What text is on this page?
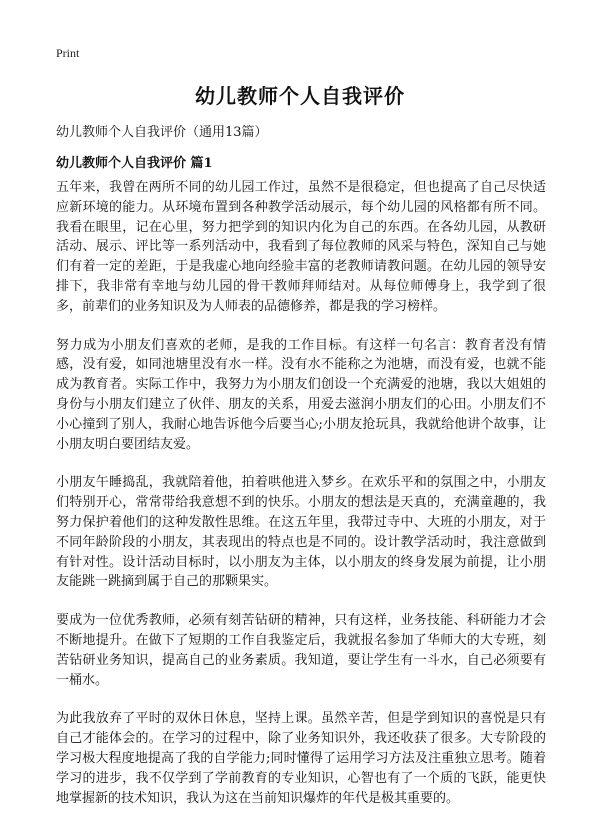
Print
幼儿教师个人自我评价
幼儿教师个人自我评价（通用13篇）
幼儿教师个人自我评价 篇1

五年来，我曾在两所不同的幼儿园工作过，虽然不是很稳定，但也提高了自己尽快适应新环境的能力。从环境布置到各种教学活动展示，每个幼儿园的风格都有所不同。我看在眼里，记在心里，努力把学到的知识内化为自己的东西。在各幼儿园，从教研活动、展示、评比等一系列活动中，我看到了每位教师的风采与特色，深知自己与她们有着一定的差距，于是我虚心地向经验丰富的老教师请教问题。在幼儿园的领导安排下，我非常有幸地与幼儿园的骨干教师拜师结对。从每位师傅身上，我学到了很多，前辈们的业务知识及为人师表的品德修养，都是我的学习榜样。

努力成为小朋友们喜欢的老师，是我的工作目标。有这样一句名言：教育者没有情感，没有爱，如同池塘里没有水一样。没有水不能称之为池塘，而没有爱，也就不能成为教育者。实际工作中，我努力为小朋友们创设一个充满爱的池塘，我以大姐姐的身份与小朋友们建立了伙伴、朋友的关系，用爱去滋润小朋友们的心田。小朋友们不小心撞到了别人，我耐心地告诉他今后要当心;小朋友抢玩具，我就给他讲个故事，让小朋友明白要团结友爱。

小朋友午睡捣乱，我就陪着他，拍着哄他进入梦乡。在欢乐平和的氛围之中，小朋友们特别开心，常常带给我意想不到的快乐。小朋友的想法是天真的，充满童趣的，我努力保护着他们的这种发散性思维。在这五年里，我带过寺中、大班的小朋友，对于不同年龄阶段的小朋友，其表现出的特点也是不同的。设计教学活动时，我注意做到有针对性。设计活动目标时，以小朋友为主体，以小朋友的终身发展为前提，让小朋友能跳一跳摘到属于自己的那颗果实。

要成为一位优秀教师，必须有刻苦钻研的精神，只有这样，业务技能、科研能力才会不断地提升。在做下了短期的工作自我鉴定后，我就报名参加了华师大的大专班，刻苦钻研业务知识，提高自己的业务素质。我知道，要让学生有一斗水，自己必须要有一桶水。

为此我放弃了平时的双休日休息，坚持上课。虽然辛苦，但是学到知识的喜悦是只有自己才能体会的。在学习的过程中，除了业务知识外，我还收获了很多。大专阶段的学习极大程度地提高了我的自学能力;同时懂得了运用学习方法及注重独立思考。随着学习的进步，我不仅学到了学前教育的专业知识，心智也有了一个质的飞跃，能更快地掌握新的技术知识，我认为这在当前知识爆炸的年代是极其重要的。
